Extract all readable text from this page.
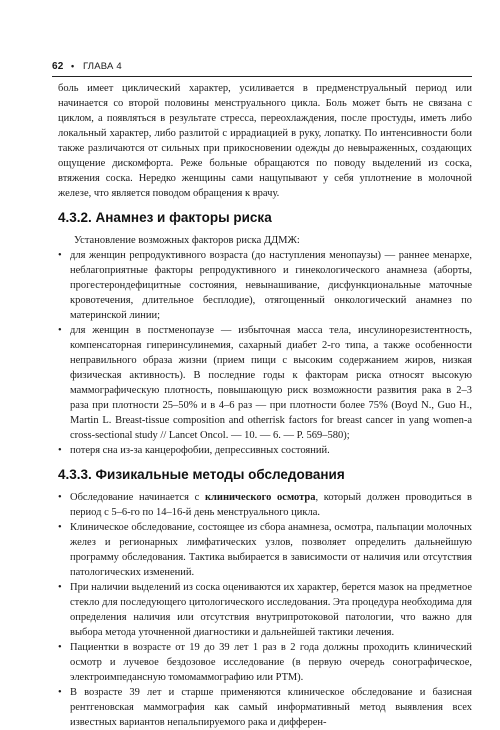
62 • ГЛАВА 4

боль имеет циклический характер, усиливается в предменструальный период или начинается со второй половины менструального цикла. Боль может быть не связана с циклом, а появляться в результате стресса, переохлаждения, после простуды, иметь либо локальный характер, либо разлитой с иррадиацией в руку, лопатку. По интенсивности боли также различаются от сильных при прикосновении одежды до невыраженных, создающих ощущение дискомфорта. Реже больные обращаются по поводу выделений из соска, втяжения соска. Нередко женщины сами нащупывают у себя уплотнение в молочной железе, что является поводом обращения к врачу.

4.3.2. Анамнез и факторы риска

Установление возможных факторов риска ДДМЖ:

• для женщин репродуктивного возраста (до наступления менопаузы) — раннее менархе, неблагоприятные факторы репродуктивного и гинекологического анамнеза (аборты, прогестерондефицитные состояния, невынашивание, дисфункциональные маточные кровотечения, длительное бесплодие), отягощенный онкологический анамнез по материнской линии;
• для женщин в постменопаузе — избыточная масса тела, инсулинорезистентность, компенсаторная гиперинсулинемия, сахарный диабет 2-го типа, а также особенности неправильного образа жизни (прием пищи с высоким содержанием жиров, низкая физическая активность). В последние годы к факторам риска относят высокую маммографическую плотность, повышающую риск возможности развития рака в 2–3 раза при плотности 25–50% и в 4–6 раз — при плотности более 75% (Boyd N., Guo H., Martin L. Breast-tissue composition and otherrisk factors for breast cancer in yang women-a cross-sectional study // Lancet Oncol. — 10. — 6. — P. 569–580);
• потеря сна из-за канцерофобии, депрессивных состояний.
4.3.3. Физикальные методы обследования
• Обследование начинается с клинического осмотра, который должен проводиться в период с 5–6-го по 14–16-й день менструального цикла.
• Клиническое обследование, состоящее из сбора анамнеза, осмотра, пальпации молочных желез и регионарных лимфатических узлов, позволяет определить дальнейшую программу обследования. Тактика выбирается в зависимости от наличия или отсутствия патологических изменений.
• При наличии выделений из соска оцениваются их характер, берется мазок на предметное стекло для последующего цитологического исследования. Эта процедура необходима для определения наличия или отсутствия внутрипротоковой патологии, что важно для выбора метода уточненной диагностики и дальнейшей тактики лечения.
• Пациентки в возрасте от 19 до 39 лет 1 раз в 2 года должны проходить клинический осмотр и лучевое бездозовое исследование (в первую очередь сонографическое, электроимпедансную томомаммографию или РТМ).
• В возрасте 39 лет и старше применяются клиническое обследование и базисная рентгеновская маммография как самый информативный метод выявления всех известных вариантов непальпируемого рака и дифферен-
